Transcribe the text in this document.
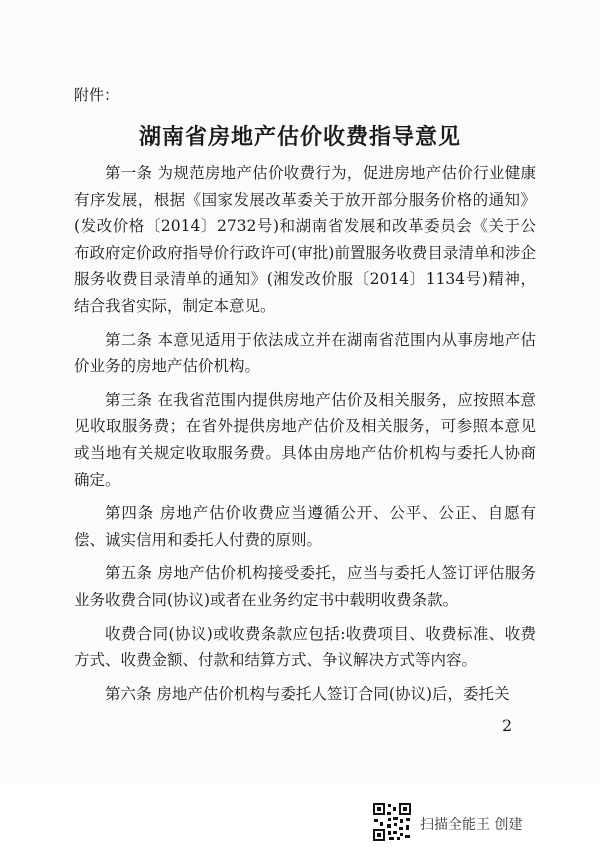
附件：
湖南省房地产估价收费指导意见

第一条 为规范房地产估价收费行为，促进房地产估价行业健康有序发展，根据《国家发展改革委关于放开部分服务价格的通知》(发改价格〔2014〕2732号)和湖南省发展和改革委员会《关于公布政府定价政府指导价行政许可(审批)前置服务收费目录清单和涉企服务收费目录清单的通知》(湘发改价服〔2014〕1134号)精神，结合我省实际，制定本意见。

第二条 本意见适用于依法成立并在湖南省范围内从事房地产估价业务的房地产估价机构。

第三条 在我省范围内提供房地产估价及相关服务，应按照本意见收取服务费；在省外提供房地产估价及相关服务，可参照本意见或当地有关规定收取服务费。具体由房地产估价机构与委托人协商确定。

第四条 房地产估价收费应当遵循公开、公平、公正、自愿有偿、诚实信用和委托人付费的原则。

第五条 房地产估价机构接受委托，应当与委托人签订评估服务业务收费合同(协议)或者在业务约定书中载明收费条款。

收费合同(协议)或收费条款应包括:收费项目、收费标准、收费方式、收费金额、付款和结算方式、争议解决方式等内容。

第六条 房地产估价机构与委托人签订合同(协议)后，委托关

2
扫描全能王 创建
